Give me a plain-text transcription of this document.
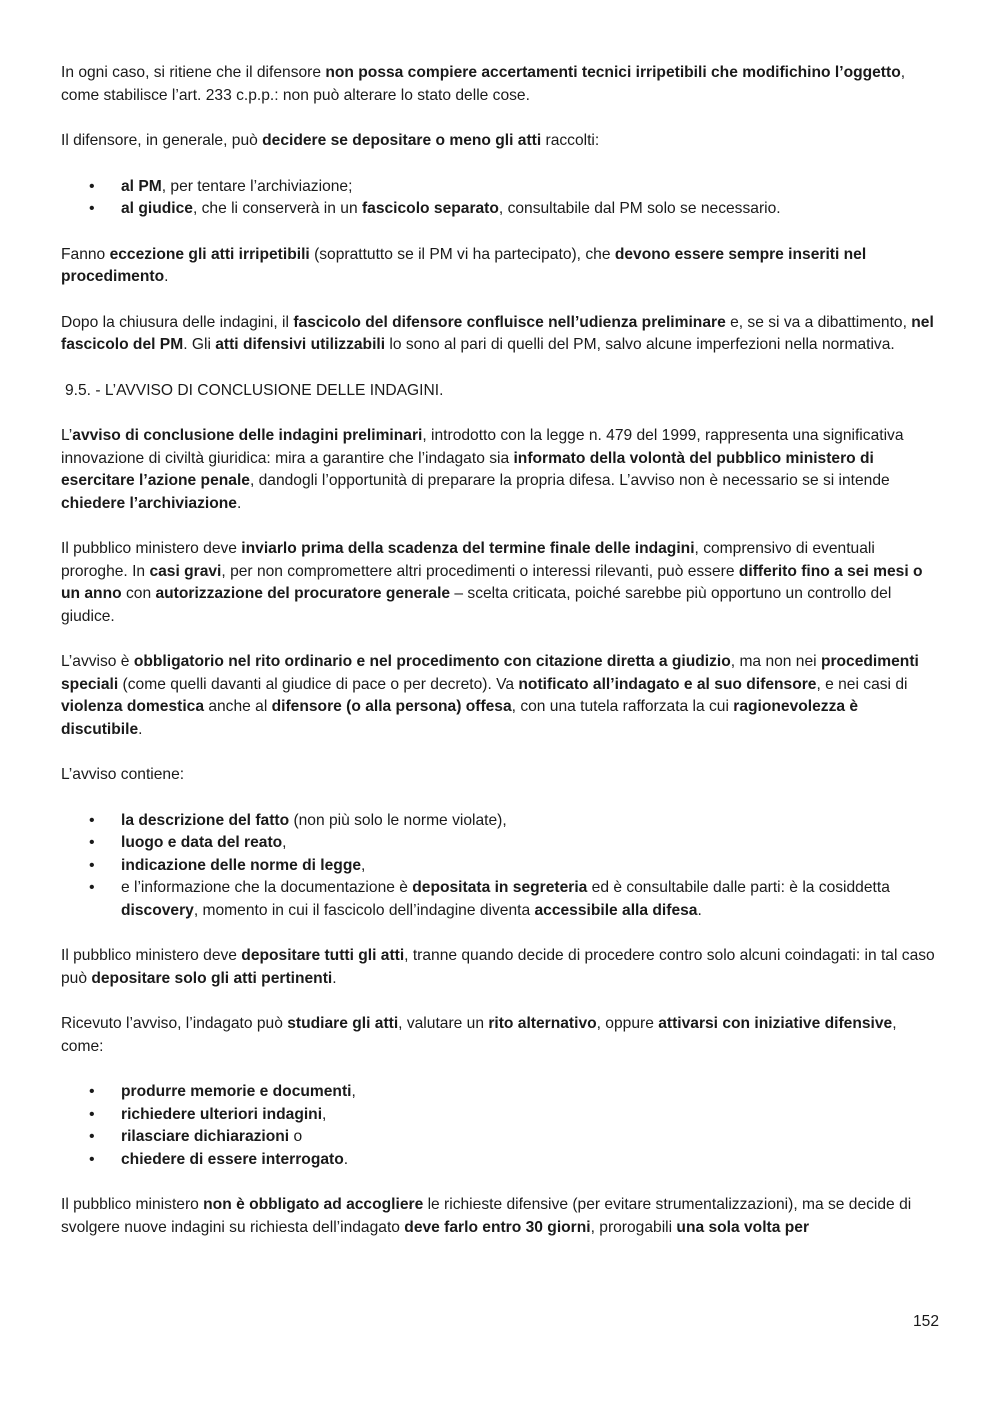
In ogni caso, si ritiene che il difensore non possa compiere accertamenti tecnici irripetibili che modifichino l’oggetto, come stabilisce l’art. 233 c.p.p.: non può alterare lo stato delle cose.

Il difensore, in generale, può decidere se depositare o meno gli atti raccolti:

• al PM, per tentare l’archiviazione;
• al giudice, che li conserverà in un fascicolo separato, consultabile dal PM solo se necessario.

Fanno eccezione gli atti irripetibili (soprattutto se il PM vi ha partecipato), che devono essere sempre inseriti nel procedimento.

Dopo la chiusura delle indagini, il fascicolo del difensore confluisce nell’udienza preliminare e, se si va a dibattimento, nel fascicolo del PM. Gli atti difensivi utilizzabili lo sono al pari di quelli del PM, salvo alcune imperfezioni nella normativa.

9.5. - L’AVVISO DI CONCLUSIONE DELLE INDAGINI.

L’avviso di conclusione delle indagini preliminari, introdotto con la legge n. 479 del 1999, rappresenta una significativa innovazione di civiltà giuridica: mira a garantire che l’indagato sia informato della volontà del pubblico ministero di esercitare l’azione penale, dandogli l’opportunità di preparare la propria difesa. L’avviso non è necessario se si intende chiedere l’archiviazione.

Il pubblico ministero deve inviarlo prima della scadenza del termine finale delle indagini, comprensivo di eventuali proroghe. In casi gravi, per non compromettere altri procedimenti o interessi rilevanti, può essere differito fino a sei mesi o un anno con autorizzazione del procuratore generale – scelta criticata, poiché sarebbe più opportuno un controllo del giudice.

L’avviso è obbligatorio nel rito ordinario e nel procedimento con citazione diretta a giudizio, ma non nei procedimenti speciali (come quelli davanti al giudice di pace o per decreto). Va notificato all’indagato e al suo difensore, e nei casi di violenza domestica anche al difensore (o alla persona) offesa, con una tutela rafforzata la cui ragionevolezza è discutibile.

L’avviso contiene:

• la descrizione del fatto (non più solo le norme violate),
• luogo e data del reato,
• indicazione delle norme di legge,
• e l’informazione che la documentazione è depositata in segreteria ed è consultabile dalle parti: è la cosiddetta discovery, momento in cui il fascicolo dell’indagine diventa accessibile alla difesa.

Il pubblico ministero deve depositare tutti gli atti, tranne quando decide di procedere contro solo alcuni coindagati: in tal caso può depositare solo gli atti pertinenti.

Ricevuto l’avviso, l’indagato può studiare gli atti, valutare un rito alternativo, oppure attivarsi con iniziative difensive, come:

• produrre memorie e documenti,
• richiedere ulteriori indagini,
• rilasciare dichiarazioni o
• chiedere di essere interrogato.

Il pubblico ministero non è obbligato ad accogliere le richieste difensive (per evitare strumentalizzazioni), ma se decide di svolgere nuove indagini su richiesta dell’indagato deve farlo entro 30 giorni, prorogabili una sola volta per

152
